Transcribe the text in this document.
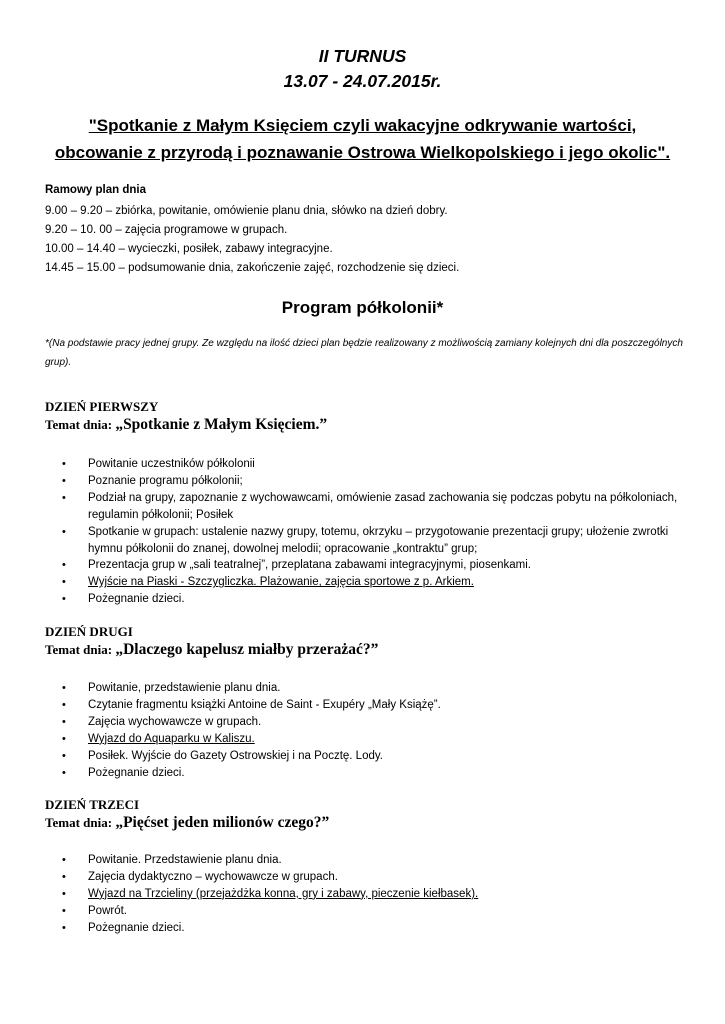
II TURNUS
13.07 - 24.07.2015r.
"Spotkanie z Małym Księciem czyli wakacyjne odkrywanie wartości,
obcowanie z przyrodą i poznawanie Ostrowa Wielkopolskiego i jego okolic".
Ramowy plan dnia
9.00 – 9.20 – zbiórka, powitanie, omówienie planu dnia, słówko na dzień dobry.
9.20 – 10. 00 – zajęcia programowe w grupach.
10.00 – 14.40 – wycieczki, posiłek, zabawy integracyjne.
14.45 – 15.00 – podsumowanie dnia, zakończenie zajęć, rozchodzenie się dzieci.
Program półkolonii*
*(Na podstawie pracy jednej grupy. Ze względu na ilość dzieci plan będzie realizowany z możliwością zamiany kolejnych dni dla poszczególnych grup).
DZIEŃ PIERWSZY
Temat dnia: „Spotkanie z Małym Księciem.”
• Powitanie uczestników półkolonii
• Poznanie programu półkolonii;
• Podział na grupy, zapoznanie z wychowawcami, omówienie zasad zachowania się podczas pobytu na półkoloniach, regulamin półkolonii; Posiłek
• Spotkanie w grupach: ustalenie nazwy grupy, totemu, okrzyku – przygotowanie prezentacji grupy; ułożenie zwrotki hymnu półkolonii do znanej, dowolnej melodii; opracowanie „kontraktu” grup;
• Prezentacja grup w „sali teatralnej”, przeplatana zabawami integracyjnymi, piosenkami.
• Wyjście na Piaski - Szczygliczka. Plażowanie, zajęcia sportowe z p. Arkiem.
• Pożegnanie dzieci.
DZIEŃ DRUGI
Temat dnia: „Dlaczego kapelusz miałby przerażać?”
• Powitanie, przedstawienie planu dnia.
• Czytanie fragmentu książki Antoine de Saint - Exupéry „Mały Książę”.
• Zajęcia wychowawcze w grupach.
• Wyjazd do Aquaparku w Kaliszu.
• Posiłek. Wyjście do Gazety Ostrowskiej i na Pocztę. Lody.
• Pożegnanie dzieci.
DZIEŃ TRZECI
Temat dnia: „Pięćset jeden milionów czego?”
• Powitanie. Przedstawienie planu dnia.
• Zajęcia dydaktyczno – wychowawcze w grupach.
• Wyjazd na Trzcieliny (przejażdżka konna, gry i zabawy, pieczenie kiełbasek).
• Powrót.
• Pożegnanie dzieci.
